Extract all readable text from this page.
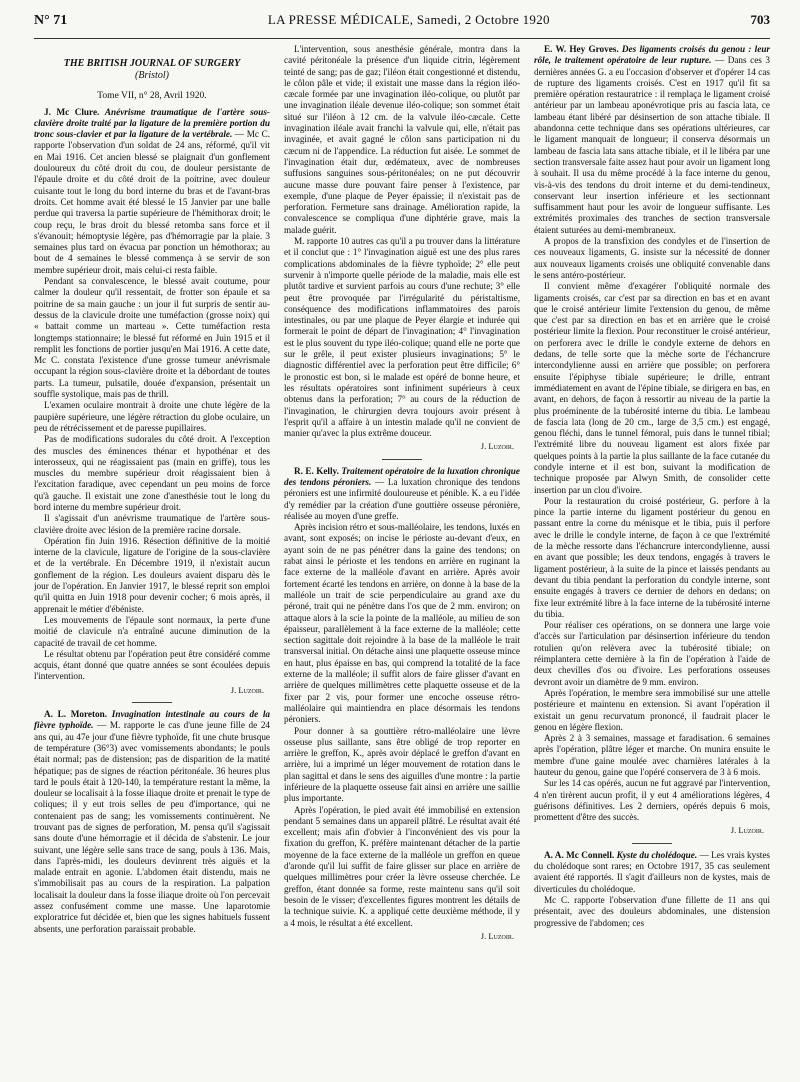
N° 71	LA PRESSE MÉDICALE, Samedi, 2 Octobre 1920	703
THE BRITISH JOURNAL OF SURGERY
(Bristol)
Tome VII, n° 28, Avril 1920.

J. Mc Clure. Anévrisme traumatique de l'artère sous-clavière droite traité par la ligature de la première portion du tronc sous-clavier et par la ligature de la vertébrale. — Mc C. rapporte l'observation d'un soldat de 24 ans, réformé, qu'il vit en Mai 1916. Cet ancien blessé se plaignait d'un gonflement douloureux du côté droit du cou, de douleur persistante de l'épaule droite et du côté droit de la poitrine, avec douleur cuisante tout le long du bord interne du bras et de l'avant-bras droits. Cet homme avait été blessé le 15 Janvier par une balle perdue qui traversa la partie supérieure de l'hémithorax droit; le coup reçu, le bras droit du blessé retomba sans force et il s'évanouit; hémoptysie légère, pas d'hémorragie par la plaie. 3 semaines plus tard on évacua par ponction un hémothorax; au bout de 4 semaines le blessé commença à se servir de son membre supérieur droit, mais celui-ci resta faible.

Pendant sa convalescence, le blessé avait coutume, pour calmer la douleur qu'il ressentait, de frotter son épaule et sa poitrine de sa main gauche : un jour il fut surpris de sentir au-dessus de la clavicule droite une tuméfaction (grosse noix) qui « battait comme un marteau ». Cette tuméfaction resta longtemps stationnaire; le blessé fut réformé en Juin 1915 et il remplit les fonctions de portier jusqu'en Mai 1916. A cette date, Mc C. constata l'existence d'une grosse tumeur anévrismale occupant la région sous-clavière droite et la débordant de toutes parts. La tumeur, pulsatile, douée d'expansion, présentait un souffle systolique, mais pas de thrill.

L'examen oculaire montrait à droite une chute légère de la paupière supérieure, une légère rétraction du globe oculaire, un peu de rétrécissement et de paresse pupillaires.

Pas de modifications sudorales du côté droit. A l'exception des muscles des éminences thénar et hypothénar et des interosseux, qui ne réagissaient pas (main en griffe), tous les muscles du membre supérieur droit réagissaient bien à l'excitation faradique, avec cependant un peu moins de force qu'à gauche. Il existait une zone d'anesthésie tout le long du bord interne du membre supérieur droit.

Il s'agissait d'un anévrisme traumatique de l'artère sous-clavière droite avec lésion de la première racine dorsale.

Opération fin Juin 1916. Résection définitive de la moitié interne de la clavicule, ligature de l'origine de la sous-clavière et de la vertébrale. En Décembre 1919, il n'existait aucun gonflement de la région. Les douleurs avaient disparu dès le jour de l'opération. En Janvier 1917, le blessé reprit son emploi qu'il quitta en Juin 1918 pour devenir cocher; 6 mois après, il apprenait le métier d'ébéniste.

Les mouvements de l'épaule sont normaux, la perte d'une moitié de clavicule n'a entraîné aucune diminution de la capacité de travail de cet homme.

Le résultat obtenu par l'opération peut être considéré comme acquis, étant donné que quatre années se sont écoulées depuis l'intervention.

J. Luzoir.

A. L. Moreton. Invagination intestinale au cours de la fièvre typhoïde. — M. rapporte le cas d'une jeune fille de 24 ans qui, au 47e jour d'une fièvre typhoïde, fit une chute brusque de température (36°3) avec vomissements abondants; le pouls était normal; pas de distension; pas de disparition de la matité hépatique; pas de signes de réaction péritonéale. 36 heures plus tard le pouls était à 120-140, la température restant la même, la douleur se localisait à la fosse iliaque droite et prenait le type de coliques; il y eut trois selles de peu d'importance, qui ne contenaient pas de sang; les vomissements continuèrent. Ne trouvant pas de signes de perforation, M. pensa qu'il s'agissait sans doute d'une hémorragie et il décida de s'abstenir. Le jour suivant, une légère selle sans trace de sang, pouls à 136. Mais, dans l'après-midi, les douleurs devinrent très aiguës et la malade entrait en agonie. L'abdomen était distendu, mais ne s'immobilisait pas au cours de la respiration. La palpation localisait la douleur dans la fosse iliaque droite où l'on percevait assez confusément comme une masse. Une laparotomie exploratrice fut décidée et, bien que les signes habituels fussent absents, une perforation paraissait probable.

L'intervention, sous anesthésie générale, montra dans la cavité péritonéale la présence d'un liquide citrin, légèrement teinté de sang; pas de gaz; l'iléon était congestionné et distendu, le côlon pâle et vide; il existait une masse dans la région iléo-cæcale formée par une invagination iléo-colique, ou plutôt par une invagination iléale devenue iléo-colique; son sommet était situé sur l'iléon à 12 cm. de la valvule iléo-cæcale. Cette invagination iléale avait franchi la valvule qui, elle, n'était pas invaginée, et avait gagné le côlon sans participation ni du cæcum ni de l'appendice. La réduction fut aisée. Le sommet de l'invagination était dur, œdémateux, avec de nombreuses suffusions sanguines sous-péritonéales; on ne put découvrir aucune masse dure pouvant faire penser à l'existence, par exemple, d'une plaque de Peyer épaissie; il n'existait pas de perforation. Fermeture sans drainage. Amélioration rapide, la convalescence se compliqua d'une diphtérie grave, mais la malade guérit.

M. rapporte 10 autres cas qu'il a pu trouver dans la littérature et il conclut que : 1° l'invagination aiguë est une des plus rares complications abdominales de la fièvre typhoïde; 2° elle peut survenir à n'importe quelle période de la maladie, mais elle est plutôt tardive et survient parfois au cours d'une rechute; 3° elle peut être provoquée par l'irrégularité du péristaltisme, conséquence des modifications inflammatoires des parois intestinales, ou par une plaque de Peyer élargie et indurée qui formerait le point de départ de l'invagination; 4° l'invagination est le plus souvent du type iléo-colique; quand elle ne porte que sur le grêle, il peut exister plusieurs invaginations; 5° le diagnostic différentiel avec la perforation peut être difficile; 6° le pronostic est bon, si le malade est opéré de bonne heure, et les résultats opératoires sont infiniment supérieurs à ceux obtenus dans la perforation; 7° au cours de la réduction de l'invagination, le chirurgien devra toujours avoir présent à l'esprit qu'il a affaire à un intestin malade qu'il ne convient de manier qu'avec la plus extrême douceur.

J. Luzoir.

R. E. Kelly. Traitement opératoire de la luxation chronique des tendons péroniers. — La luxation chronique des tendons péroniers est une infirmité douloureuse et pénible. K. a eu l'idée d'y remédier par la création d'une gouttière osseuse péronière, réalisée au moyen d'une greffe.

Après incision rétro et sous-malléolaire, les tendons, luxés en avant, sont exposés; on incise le périoste au-devant d'eux, en ayant soin de ne pas pénétrer dans la gaine des tendons; on rabat ainsi le périoste et les tendons en arrière en ruginant la face externe de la malléole d'avant en arrière. Après avoir fortement écarté les tendons en arrière, on donne à la base de la malléole un trait de scie perpendiculaire au grand axe du péroné, trait qui ne pénètre dans l'os que de 2 mm. environ; on attaque alors à la scie la pointe de la malléole, au milieu de son épaisseur, parallèlement à la face externe de la malléole; cette section sagittale doit rejoindre à la base de la malléole le trait transversal initial. On détache ainsi une plaquette osseuse mince en haut, plus épaisse en bas, qui comprend la totalité de la face externe de la malléole; il suffit alors de faire glisser d'avant en arrière de quelques millimètres cette plaquette osseuse et de la fixer par 2 vis, pour former une encoche osseuse rétro-malléolaire qui maintiendra en place désormais les tendons péroniers.

Pour donner à sa gouttière rétro-malléolaire une lèvre osseuse plus saillante, sans être obligé de trop reporter en arrière le greffon, K., après avoir déplacé le greffon d'avant en arrière, lui a imprimé un léger mouvement de rotation dans le plan sagittal et dans le sens des aiguilles d'une montre : la partie inférieure de la plaquette osseuse fait ainsi en arrière une saillie plus importante.

Après l'opération, le pied avait été immobilisé en extension pendant 5 semaines dans un appareil plâtré. Le résultat avait été excellent; mais afin d'obvier à l'inconvénient des vis pour la fixation du greffon, K. préfère maintenant détacher de la partie moyenne de la face externe de la malléole un greffon en queue d'aronde qu'il lui suffit de faire glisser sur place en arrière de quelques millimètres pour créer la lèvre osseuse cherchée. Le greffon, étant donnée sa forme, reste maintenu sans qu'il soit besoin de le visser; d'excellentes figures montrent les détails de la technique suivie. K. a appliqué cette deuxième méthode, il y a 4 mois, le résultat a été excellent.

J. Luzoir.

E. W. Hey Groves. Des ligaments croisés du genou : leur rôle, le traitement opératoire de leur rupture. — Dans ces 3 dernières années G. a eu l'occasion d'observer et d'opérer 14 cas de rupture des ligaments croisés. C'est en 1917 qu'il fit sa première opération restauratrice : il remplaça le ligament croisé antérieur par un lambeau aponévrotique pris au fascia lata, ce lambeau étant libéré par désinsertion de son attache tibiale. Il abandonna cette technique dans ses opérations ultérieures, car le ligament manquait de longueur; il conserva désormais un lambeau de fascia lata sans attache tibiale, et il le libéra par une section transversale faite assez haut pour avoir un ligament long à souhait. Il usa du même procédé à la face interne du genou, vis-à-vis des tendons du droit interne et du demi-tendineux, conservant leur insertion inférieure et les sectionnant suffisamment haut pour les avoir de longueur suffisante. Les extrémités proximales des tranches de section transversale étaient suturées au demi-membraneux.

A propos de la transfixion des condyles et de l'insertion de ces nouveaux ligaments, G. insiste sur la nécessité de donner aux nouveaux ligaments croisés une obliquité convenable dans le sens antéro-postérieur.

Il convient même d'exagérer l'obliquité normale des ligaments croisés, car c'est par sa direction en bas et en avant que le croisé antérieur limite l'extension du genou, de même que c'est par sa direction en bas et en arrière que le croisé postérieur limite la flexion. Pour reconstituer le croisé antérieur, on perforera avec le drille le condyle externe de dehors en dedans, de telle sorte que la mèche sorte de l'échancrure intercondylienne aussi en arrière que possible; on perforera ensuite l'épiphyse tibiale supérieure; le drille, entrant immédiatement en avant de l'épine tibiale, se dirigera en bas, en avant, en dehors, de façon à ressortir au niveau de la partie la plus proéminente de la tubérosité interne du tibia. Le lambeau de fascia lata (long de 20 cm., large de 3,5 cm.) est engagé, genou fléchi, dans le tunnel fémoral, puis dans le tunnel tibial; l'extrémité libre du nouveau ligament est alors fixée par quelques points à la partie la plus saillante de la face cutanée du condyle interne et il est bon, suivant la modification de technique proposée par Alwyn Smith, de consolider cette insertion par un clou d'ivoire.

Pour la restauration du croisé postérieur, G. perfore à la pince la partie interne du ligament postérieur du genou en passant entre la corne du ménisque et le tibia, puis il perfore avec le drille le condyle interne, de façon à ce que l'extrémité de la mèche ressorte dans l'échancrure intercondylienne, aussi en avant que possible; les deux tendons, engagés à travers le ligament postérieur, à la suite de la pince et laissés pendants au devant du tibia pendant la perforation du condyle interne, sont ensuite engagés à travers ce dernier de dehors en dedans; on fixe leur extrémité libre à la face interne de la tubérosité interne du tibia.

Pour réaliser ces opérations, on se donnera une large voie d'accès sur l'articulation par désinsertion inférieure du tendon rotulien qu'on relèvera avec la tubérosité tibiale; on réimplantera cette dernière à la fin de l'opération à l'aide de deux chevilles d'os ou d'ivoire. Les perforations osseuses devront avoir un diamètre de 9 mm. environ.

Après l'opération, le membre sera immobilisé sur une attelle postérieure et maintenu en extension. Si avant l'opération il existait un genu recurvatum prononcé, il faudrait placer le genou en légère flexion.

Après 2 à 3 semaines, massage et faradisation. 6 semaines après l'opération, plâtre léger et marche. On munira ensuite le membre d'une gaine moulée avec charnières latérales à la hauteur du genou, gaine que l'opéré conservera de 3 à 6 mois.

Sur les 14 cas opérés, aucun ne fut aggravé par l'intervention, 4 n'en tirèrent aucun profit, il y eut 4 améliorations légères, 4 guérisons définitives. Les 2 derniers, opérés depuis 6 mois, promettent d'être des succès.

J. Luzoir.

A. A. Mc Connell. Kyste du cholédoque. — Les vrais kystes du cholédoque sont rares; en Octobre 1917, 35 cas seulement avaient été rapportés. Il s'agit d'ailleurs non de kystes, mais de diverticules du cholédoque.

Mc C. rapporte l'observation d'une fillette de 11 ans qui présentait, avec des douleurs abdominales, une distension progressive de l'abdomen; ces
